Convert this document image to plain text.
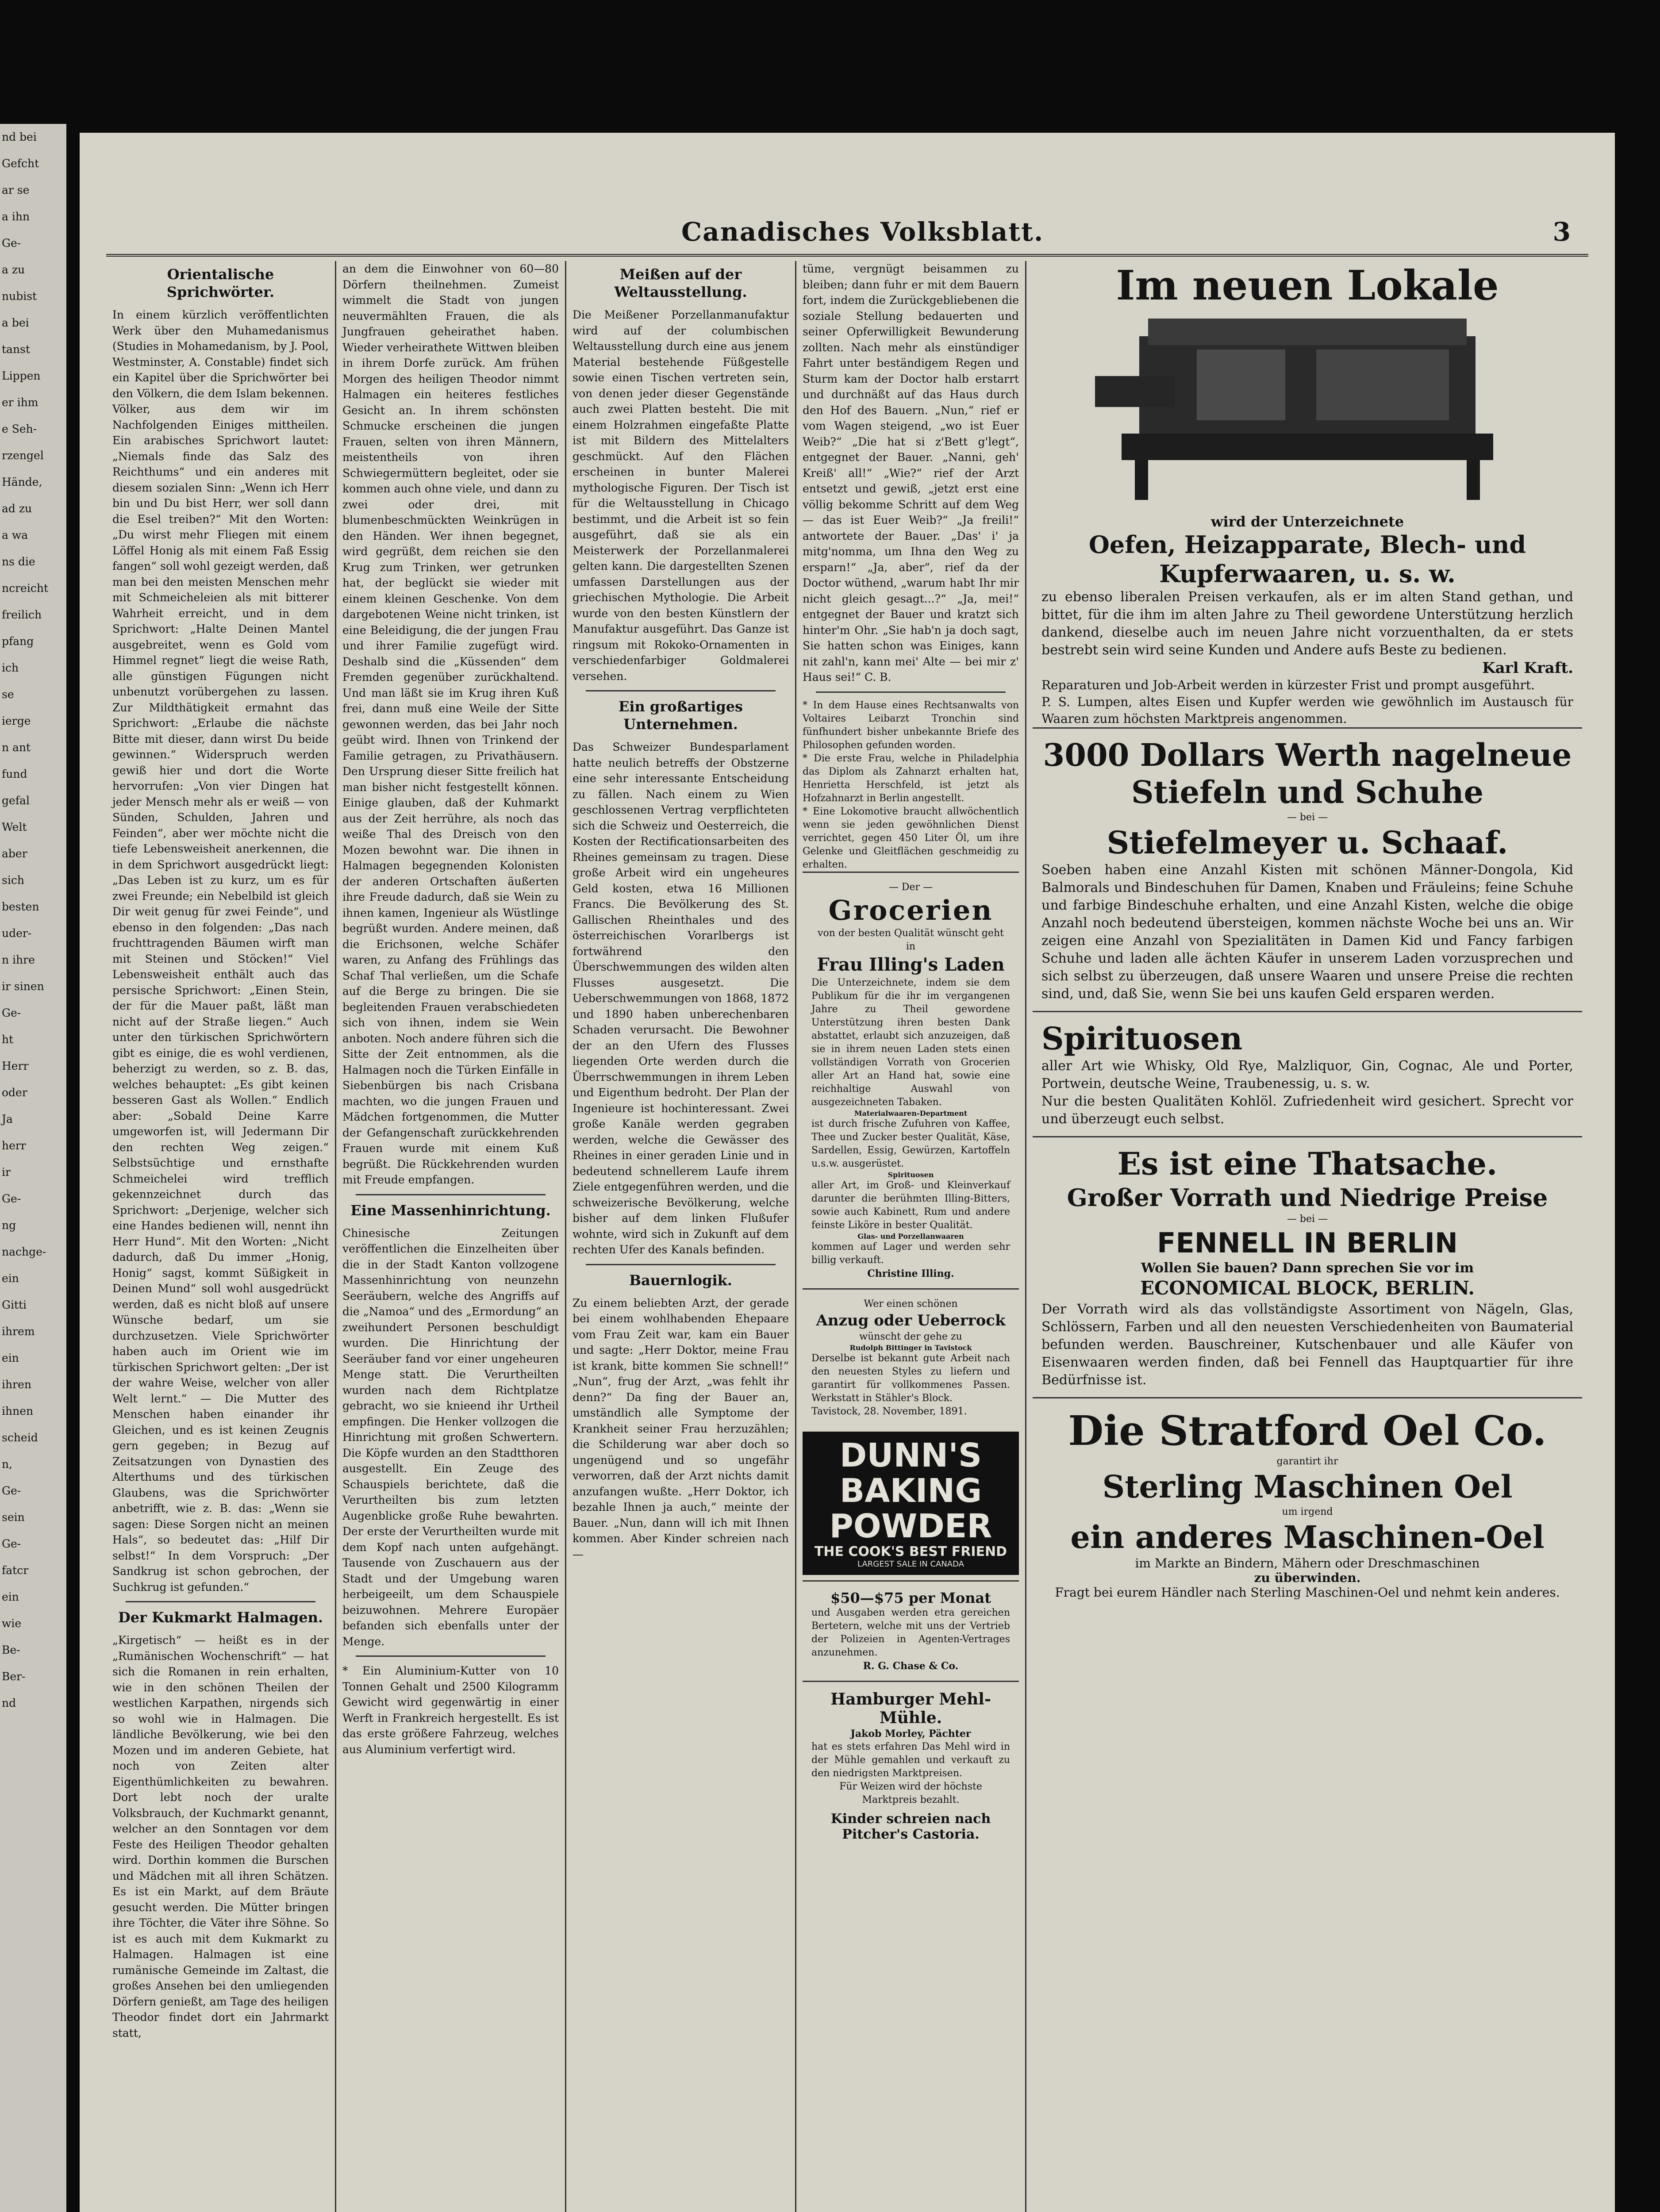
nd bei
Gefcht
ar se
a ihn
Ge-
a zu
nubist
a bei
tanst
Lippen
er ihm
e Seh-
rzengel
Hände,
ad zu
a wa
ns die
ncreicht
freilich
pfang
ich
se
ierge
n ant
fund
gefal
Welt
aber
sich
besten
uder-
n ihre
ir sinen
Ge-
ht
Herr
oder
Ja
herr
ir
Ge-
ng
nachge-
ein
Gitti
ihrem
ein
ihren
ihnen
scheid
n,
Ge-
sein
Ge-
fatcr
ein
wie
Be-
Ber-
nd
Canadisches Volksblatt.	3
Orientalische Sprichwörter.
In einem kürzlich veröffentlichten Werk über den Muhamedanismus (Studies in Mohamedanism, by J. Pool, Westminster, A. Constable) findet sich ein Kapitel über die Sprichwörter bei den Völkern, die dem Islam bekennen. Völker, aus dem wir im Nachfolgenden Einiges mittheilen. Ein arabisches Sprichwort lautet: „Niemals finde das Salz des Reichthums“ und ein anderes mit diesem sozialen Sinn: „Wenn ich Herr bin und Du bist Herr, wer soll dann die Esel treiben?“ Mit den Worten: „Du wirst mehr Fliegen mit einem Löffel Honig als mit einem Faß Essig fangen“ soll wohl gezeigt werden, daß man bei den meisten Menschen mehr mit Schmeicheleien als mit bitterer Wahrheit erreicht, und in dem Sprichwort: „Halte Deinen Mantel ausgebreitet, wenn es Gold vom Himmel regnet“ liegt die weise Rath, alle günstigen Fügungen nicht unbenutzt vorübergehen zu lassen. Zur Mildthätigkeit ermahnt das Sprichwort: „Erlaube die nächste Bitte mit dieser, dann wirst Du beide gewinnen.“ Widerspruch werden gewiß hier und dort die Worte hervorrufen: „Von vier Dingen hat jeder Mensch mehr als er weiß — von Sünden, Schulden, Jahren und Feinden“, aber wer möchte nicht die tiefe Lebensweisheit anerkennen, die in dem Sprichwort ausgedrückt liegt: „Das Leben ist zu kurz, um es für zwei Freunde; ein Nebelbild ist gleich Dir weit genug für zwei Feinde“, und ebenso in den folgenden: „Das nach fruchttragenden Bäumen wirft man mit Steinen und Stöcken!“ Viel Lebensweisheit enthält auch das persische Sprichwort: „Einen Stein, der für die Mauer paßt, läßt man nicht auf der Straße liegen.“ Auch unter den türkischen Sprichwörtern gibt es einige, die es wohl verdienen, beherzigt zu werden, so z. B. das, welches behauptet: „Es gibt keinen besseren Gast als Wollen.“ Endlich aber: „Sobald Deine Karre umgeworfen ist, will Jedermann Dir den rechten Weg zeigen.“ Selbstsüchtige und ernsthafte Schmeichelei wird trefflich gekennzeichnet durch das Sprichwort: „Derjenige, welcher sich eine Handes bedienen will, nennt ihn Herr Hund“. Mit den Worten: „Nicht dadurch, daß Du immer „Honig, Honig“ sagst, kommt Süßigkeit in Deinen Mund“ soll wohl ausgedrückt werden, daß es nicht bloß auf unsere Wünsche bedarf, um sie durchzusetzen. Viele Sprichwörter haben auch im Orient wie im türkischen Sprichwort gelten: „Der ist der wahre Weise, welcher von aller Welt lernt.“ — Die Mutter des Menschen haben einander ihr Gleichen, und es ist keinen Zeugnis gern gegeben; in Bezug auf Zeitsatzungen von Dynastien des Alterthums und des türkischen Glaubens, was die Sprichwörter anbetrifft, wie z. B. das: „Wenn sie sagen: Diese Sorgen nicht an meinen Hals“, so bedeutet das: „Hilf Dir selbst!“ In dem Vorspruch: „Der Sandkrug ist schon gebrochen, der Suchkrug ist gefunden.“
Der Kukmarkt Halmagen.
„Kirgetisch“ — heißt es in der „Rumänischen Wochenschrift“ — hat sich die Romanen in rein erhalten, wie in den schönen Theilen der westlichen Karpathen, nirgends sich so wohl wie in Halmagen. Die ländliche Bevölkerung, wie bei den Mozen und im anderen Gebiete, hat noch von Zeiten alter Eigenthümlichkeiten zu bewahren. Dort lebt noch der uralte Volksbrauch, der Kuchmarkt genannt, welcher an den Sonntagen vor dem Feste des Heiligen Theodor gehalten wird. Dorthin kommen die Burschen und Mädchen mit all ihren Schätzen. Es ist ein Markt, auf dem Bräute gesucht werden. Die Mütter bringen ihre Töchter, die Väter ihre Söhne. So ist es auch mit dem Kukmarkt zu Halmagen. Halmagen ist eine rumänische Gemeinde im Zaltast, die großes Ansehen bei den umliegenden Dörfern genießt, am Tage des heiligen Theodor findet dort ein Jahrmarkt statt,
an dem die Einwohner von 60—80 Dörfern theilnehmen. Zumeist wimmelt die Stadt von jungen neuvermählten Frauen, die als Jungfrauen geheirathet haben. Wieder verheirathete Wittwen bleiben in ihrem Dorfe zurück. Am frühen Morgen des heiligen Theodor nimmt Halmagen ein heiteres festliches Gesicht an. In ihrem schönsten Schmucke erscheinen die jungen Frauen, selten von ihren Männern, meistentheils von ihren Schwiegermüttern begleitet, oder sie kommen auch ohne viele, und dann zu zwei oder drei, mit blumenbeschmückten Weinkrügen in den Händen. Wer ihnen begegnet, wird gegrüßt, dem reichen sie den Krug zum Trinken, wer getrunken hat, der beglückt sie wieder mit einem kleinen Geschenke. Von dem dargebotenen Weine nicht trinken, ist eine Beleidigung, die der jungen Frau und ihrer Familie zugefügt wird. Deshalb sind die „Küssenden“ dem Fremden gegenüber zurückhaltend. Und man läßt sie im Krug ihren Kuß frei, dann muß eine Weile der Sitte gewonnen werden, das bei Jahr noch geübt wird. Ihnen von Trinkend der Familie getragen, zu Privathäusern. Den Ursprung dieser Sitte freilich hat man bisher nicht festgestellt können. Einige glauben, daß der Kuhmarkt aus der Zeit herrühre, als noch das weiße Thal des Dreisch von den Mozen bewohnt war. Die ihnen in Halmagen begegnenden Kolonisten der anderen Ortschaften äußerten ihre Freude dadurch, daß sie Wein zu ihnen kamen, Ingenieur als Wüstlinge begrüßt wurden. Andere meinen, daß die Erichsonen, welche Schäfer waren, zu Anfang des Frühlings das Schaf Thal verließen, um die Schafe auf die Berge zu bringen. Die sie begleitenden Frauen verabschiedeten sich von ihnen, indem sie Wein anboten. Noch andere führen sich die Sitte der Zeit entnommen, als die Halmagen noch die Türken Einfälle in Siebenbürgen bis nach Crisbana machten, wo die jungen Frauen und Mädchen fortgenommen, die Mutter der Gefangenschaft zurückkehrenden Frauen wurde mit einem Kuß begrüßt. Die Rückkehrenden wurden mit Freude empfangen.
Eine Massenhinrichtung.
Chinesische Zeitungen veröffentlichen die Einzelheiten über die in der Stadt Kanton vollzogene Massenhinrichtung von neunzehn Seeräubern, welche des Angriffs auf die „Namoa“ und des „Ermordung“ an zweihundert Personen beschuldigt wurden. Die Hinrichtung der Seeräuber fand vor einer ungeheuren Menge statt. Die Verurtheilten wurden nach dem Richtplatze gebracht, wo sie knieend ihr Urtheil empfingen. Die Henker vollzogen die Hinrichtung mit großen Schwertern. Die Köpfe wurden an den Stadtthoren ausgestellt. Ein Zeuge des Schauspiels berichtete, daß die Verurtheilten bis zum letzten Augenblicke große Ruhe bewahrten. Der erste der Verurtheilten wurde mit dem Kopf nach unten aufgehängt. Tausende von Zuschauern aus der Stadt und der Umgebung waren herbeigeeilt, um dem Schauspiele beizuwohnen. Mehrere Europäer befanden sich ebenfalls unter der Menge.
* Ein Aluminium-Kutter von 10 Tonnen Gehalt und 2500 Kilogramm Gewicht wird gegenwärtig in einer Werft in Frankreich hergestellt. Es ist das erste größere Fahrzeug, welches aus Aluminium verfertigt wird.
Meißen auf der Weltausstellung.
Die Meißener Porzellanmanufaktur wird auf der columbischen Weltausstellung durch eine aus jenem Material bestehende Füßgestelle sowie einen Tischen vertreten sein, von denen jeder dieser Gegenstände auch zwei Platten besteht. Die mit einem Holzrahmen eingefaßte Platte ist mit Bildern des Mittelalters geschmückt. Auf den Flächen erscheinen in bunter Malerei mythologische Figuren. Der Tisch ist für die Weltausstellung in Chicago bestimmt, und die Arbeit ist so fein ausgeführt, daß sie als ein Meisterwerk der Porzellanmalerei gelten kann. Die dargestellten Szenen umfassen Darstellungen aus der griechischen Mythologie. Die Arbeit wurde von den besten Künstlern der Manufaktur ausgeführt. Das Ganze ist ringsum mit Rokoko-Ornamenten in verschiedenfarbiger Goldmalerei versehen.
Ein großartiges Unternehmen.
Das Schweizer Bundesparlament hatte neulich betreffs der Obstzerne eine sehr interessante Entscheidung zu fällen. Nach einem zu Wien geschlossenen Vertrag verpflichteten sich die Schweiz und Oesterreich, die Kosten der Rectificationsarbeiten des Rheines gemeinsam zu tragen. Diese große Arbeit wird ein ungeheures Geld kosten, etwa 16 Millionen Francs. Die Bevölkerung des St. Gallischen Rheinthales und des österreichischen Vorarlbergs ist fortwährend den Überschwemmungen des wilden alten Flusses ausgesetzt. Die Ueberschwemmungen von 1868, 1872 und 1890 haben unberechenbaren Schaden verursacht. Die Bewohner der an den Ufern des Flusses liegenden Orte werden durch die Überrschwemmungen in ihrem Leben und Eigenthum bedroht. Der Plan der Ingenieure ist hochinteressant. Zwei große Kanäle werden gegraben werden, welche die Gewässer des Rheines in einer geraden Linie und in bedeutend schnellerem Laufe ihrem Ziele entgegenführen werden, und die schweizerische Bevölkerung, welche bisher auf dem linken Flußufer wohnte, wird sich in Zukunft auf dem rechten Ufer des Kanals befinden.
Bauernlogik.
Zu einem beliebten Arzt, der gerade bei einem wohlhabenden Ehepaare vom Frau Zeit war, kam ein Bauer und sagte: „Herr Doktor, meine Frau ist krank, bitte kommen Sie schnell!“ „Nun“, frug der Arzt, „was fehlt ihr denn?“ Da fing der Bauer an, umständlich alle Symptome der Krankheit seiner Frau herzuzählen; die Schilderung war aber doch so ungenügend und so ungefähr verworren, daß der Arzt nichts damit anzufangen wußte. „Herr Doktor, ich bezahle Ihnen ja auch,“ meinte der Bauer. „Nun, dann will ich mit Ihnen kommen. Aber Kinder schreien nach —
tüme, vergnügt beisammen zu bleiben; dann fuhr er mit dem Bauern fort, indem die Zurückgebliebenen die soziale Stellung bedauerten und seiner Opferwilligkeit Bewunderung zollten. Nach mehr als einstündiger Fahrt unter beständigem Regen und Sturm kam der Doctor halb erstarrt und durchnäßt auf das Haus durch den Hof des Bauern. „Nun,“ rief er vom Wagen steigend, „wo ist Euer Weib?“ „Die hat si z'Bett g'legt“, entgegnet der Bauer. „Nanni, geh' Kreiß' all!“ „Wie?“ rief der Arzt entsetzt und gewiß, „jetzt erst eine völlig bekomme Schritt auf dem Weg — das ist Euer Weib?“ „Ja freili!“ antwortete der Bauer. „Das' i' ja mitg'nomma, um Ihna den Weg zu ersparn!“ „Ja, aber“, rief da der Doctor wüthend, „warum habt Ihr mir nicht gleich gesagt...?“ „Ja, mei!“ entgegnet der Bauer und kratzt sich hinter'm Ohr. „Sie hab'n ja doch sagt, Sie hatten schon was Einiges, kann nit zahl'n, kann mei' Alte — bei mir z' Haus sei!“ C. B.
* In dem Hause eines Rechtsanwalts von Voltaires Leibarzt Tronchin sind fünfhundert bisher unbekannte Briefe des Philosophen gefunden worden.
* Die erste Frau, welche in Philadelphia das Diplom als Zahnarzt erhalten hat, Henrietta Herschfeld, ist jetzt als Hofzahnarzt in Berlin angestellt.
* Eine Lokomotive braucht allwöchentlich wenn sie jeden gewöhnlichen Dienst verrichtet, gegen 450 Liter Öl, um ihre Gelenke und Gleitflächen geschmeidig zu erhalten.
— Der —
Grocerien
von der besten Qualität wünscht geht in
Frau Illing's Laden
Die Unterzeichnete, indem sie dem Publikum für die ihr im vergangenen Jahre zu Theil gewordene Unterstützung ihren besten Dank abstattet, erlaubt sich anzuzeigen, daß sie in ihrem neuen Laden stets einen vollständigen Vorrath von Grocerien aller Art an Hand hat, sowie eine reichhaltige Auswahl von ausgezeichneten Tabaken.
Materialwaaren-Department
ist durch frische Zufuhren von Kaffee, Thee und Zucker bester Qualität, Käse, Sardellen, Essig, Gewürzen, Kartoffeln u.s.w. ausgerüstet.
Spirituosen
aller Art, im Groß- und Kleinverkauf darunter die berühmten Illing-Bitters, sowie auch Kabinett, Rum und andere feinste Liköre in bester Qualität.
Glas- und Porzellanwaaren
kommen auf Lager und werden sehr billig verkauft.
Christine Illing.
Wer einen schönen
Anzug oder Ueberrock
wünscht der gehe zu
Rudolph Bittinger in Tavistock
Derselbe ist bekannt gute Arbeit nach den neuesten Styles zu liefern und garantirt für vollkommenes Passen. Werkstatt in Stähler's Block.
Tavistock, 28. November, 1891.
DUNN'S
BAKING
POWDER
THE COOK'S BEST FRIEND
LARGEST SALE IN CANADA
$50—$75 per Monat
und Ausgaben werden etra gereichen Bertetern, welche mit uns der Vertrieb der Polizeien in Agenten-Vertrages anzunehmen.
R. G. Chase & Co.
Hamburger Mehl-Mühle.
Jakob Morley, Pächter
hat es stets erfahren Das Mehl wird in der Mühle gemahlen und verkauft zu den niedrigsten Marktpreisen.
Für Weizen wird der höchste Marktpreis bezahlt.
Kinder schreien nach Pitcher's Castoria.
Im neuen Lokale
wird der Unterzeichnete
Oefen, Heizapparate, Blech- und Kupferwaaren, u. s. w.
zu ebenso liberalen Preisen verkaufen, als er im alten Stand gethan, und bittet, für die ihm im alten Jahre zu Theil gewordene Unterstützung herzlich dankend, dieselbe auch im neuen Jahre nicht vorzuenthalten, da er stets bestrebt sein wird seine Kunden und Andere aufs Beste zu bedienen.
Karl Kraft.
Reparaturen und Job-Arbeit werden in kürzester Frist und prompt ausgeführt.
P. S. Lumpen, altes Eisen und Kupfer werden wie gewöhnlich im Austausch für Waaren zum höchsten Marktpreis angenommen.
3000 Dollars Werth nagelneue
Stiefeln und Schuhe
— bei —
Stiefelmeyer u. Schaaf.
Soeben haben eine Anzahl Kisten mit schönen Männer-Dongola, Kid Balmorals und Bindeschuhen für Damen, Knaben und Fräuleins; feine Schuhe und farbige Bindeschuhe erhalten, und eine Anzahl Kisten, welche die obige Anzahl noch bedeutend übersteigen, kommen nächste Woche bei uns an. Wir zeigen eine Anzahl von Spezialitäten in Damen Kid und Fancy farbigen Schuhe und laden alle ächten Käufer in unserem Laden vorzusprechen und sich selbst zu überzeugen, daß unsere Waaren und unsere Preise die rechten sind, und, daß Sie, wenn Sie bei uns kaufen Geld ersparen werden.
Spirituosen
aller Art wie Whisky, Old Rye, Malzliquor, Gin, Cognac, Ale und Porter, Portwein, deutsche Weine, Traubenessig, u. s. w.
Nur die besten Qualitäten Kohlöl. Zufriedenheit wird gesichert. Sprecht vor und überzeugt euch selbst.
Es ist eine Thatsache.
Großer Vorrath und Niedrige Preise
— bei —
FENNELL IN BERLIN
Wollen Sie bauen? Dann sprechen Sie vor im
ECONOMICAL BLOCK, BERLIN.
Der Vorrath wird als das vollständigste Assortiment von Nägeln, Glas, Schlössern, Farben und all den neuesten Verschiedenheiten von Baumaterial befunden werden. Bauschreiner, Kutschenbauer und alle Käufer von Eisenwaaren werden finden, daß bei Fennell das Hauptquartier für ihre Bedürfnisse ist.
Die Stratford Oel Co.
garantirt ihr
Sterling Maschinen Oel
um irgend
ein anderes Maschinen-Oel
im Markte an Bindern, Mähern oder Dreschmaschinen
zu überwinden.
Fragt bei eurem Händler nach Sterling Maschinen-Oel und nehmt kein anderes.
